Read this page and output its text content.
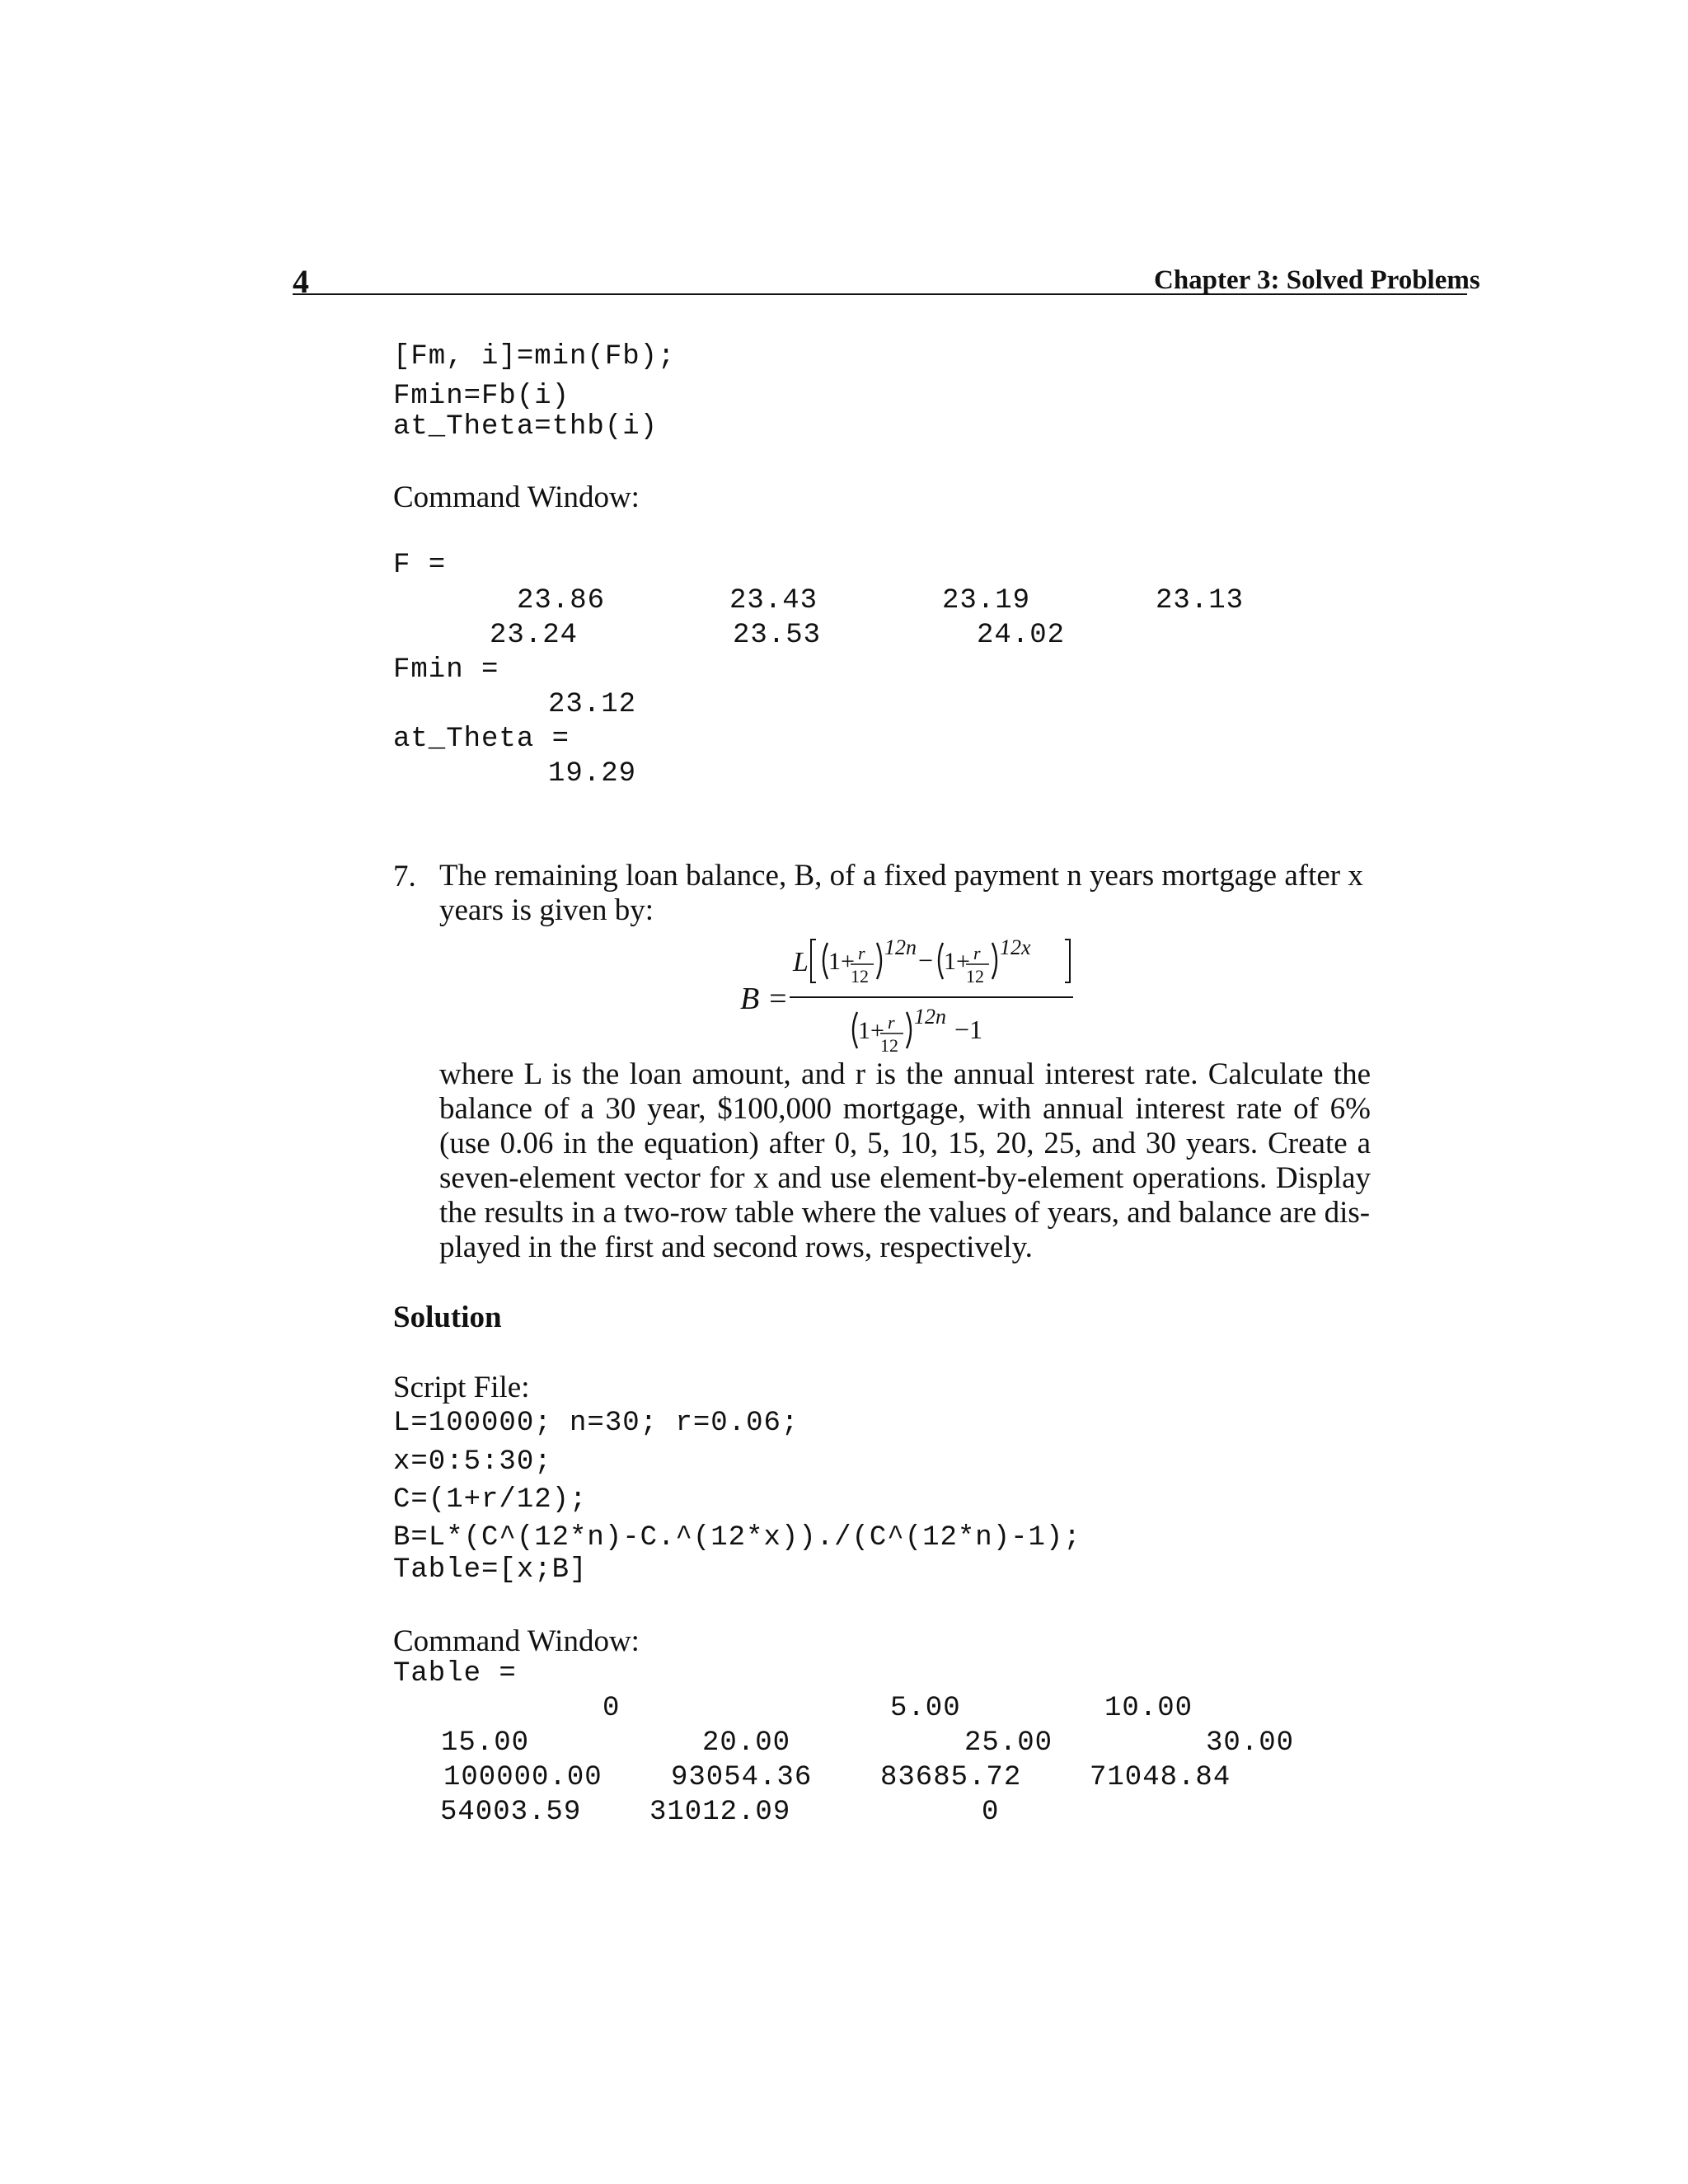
4	Chapter 3: Solved Problems
[Fm, i]=min(Fb);
Fmin=Fb(i)
at_Theta=thb(i)
Command Window:
F =
23.86	23.43	23.19	23.13
23.24	23.53	24.02
Fmin =
23.12
at_Theta =
19.29
7. The remaining loan balance, B, of a fixed payment n years mortgage after x
years is given by:
B =
L 1+ r
12
12n − 1+ r
12
12x
1+ r
12
12n −1
where L is the loan amount, and r is the annual interest rate. Calculate the balance of a 30 year, $100,000 mortgage, with annual interest rate of 6% (use 0.06 in the equation) after 0, 5, 10, 15, 20, 25, and 30 years. Create a seven-element vector for x and use element-by-element operations. Display the results in a two-row table where the values of years, and balance are dis-
played in the first and second rows, respectively.
Solution
Script File:
L=100000; n=30; r=0.06;
x=0:5:30;
C=(1+r/12);
B=L*(C^(12*n)-C.^(12*x))./(C^(12*n)-1);
Table=[x;B]
Command Window:
Table =
0	5.00	10.00
15.00	20.00	25.00	30.00
100000.00 93054.36 83685.72 71048.84
54003.59 31012.09	0
